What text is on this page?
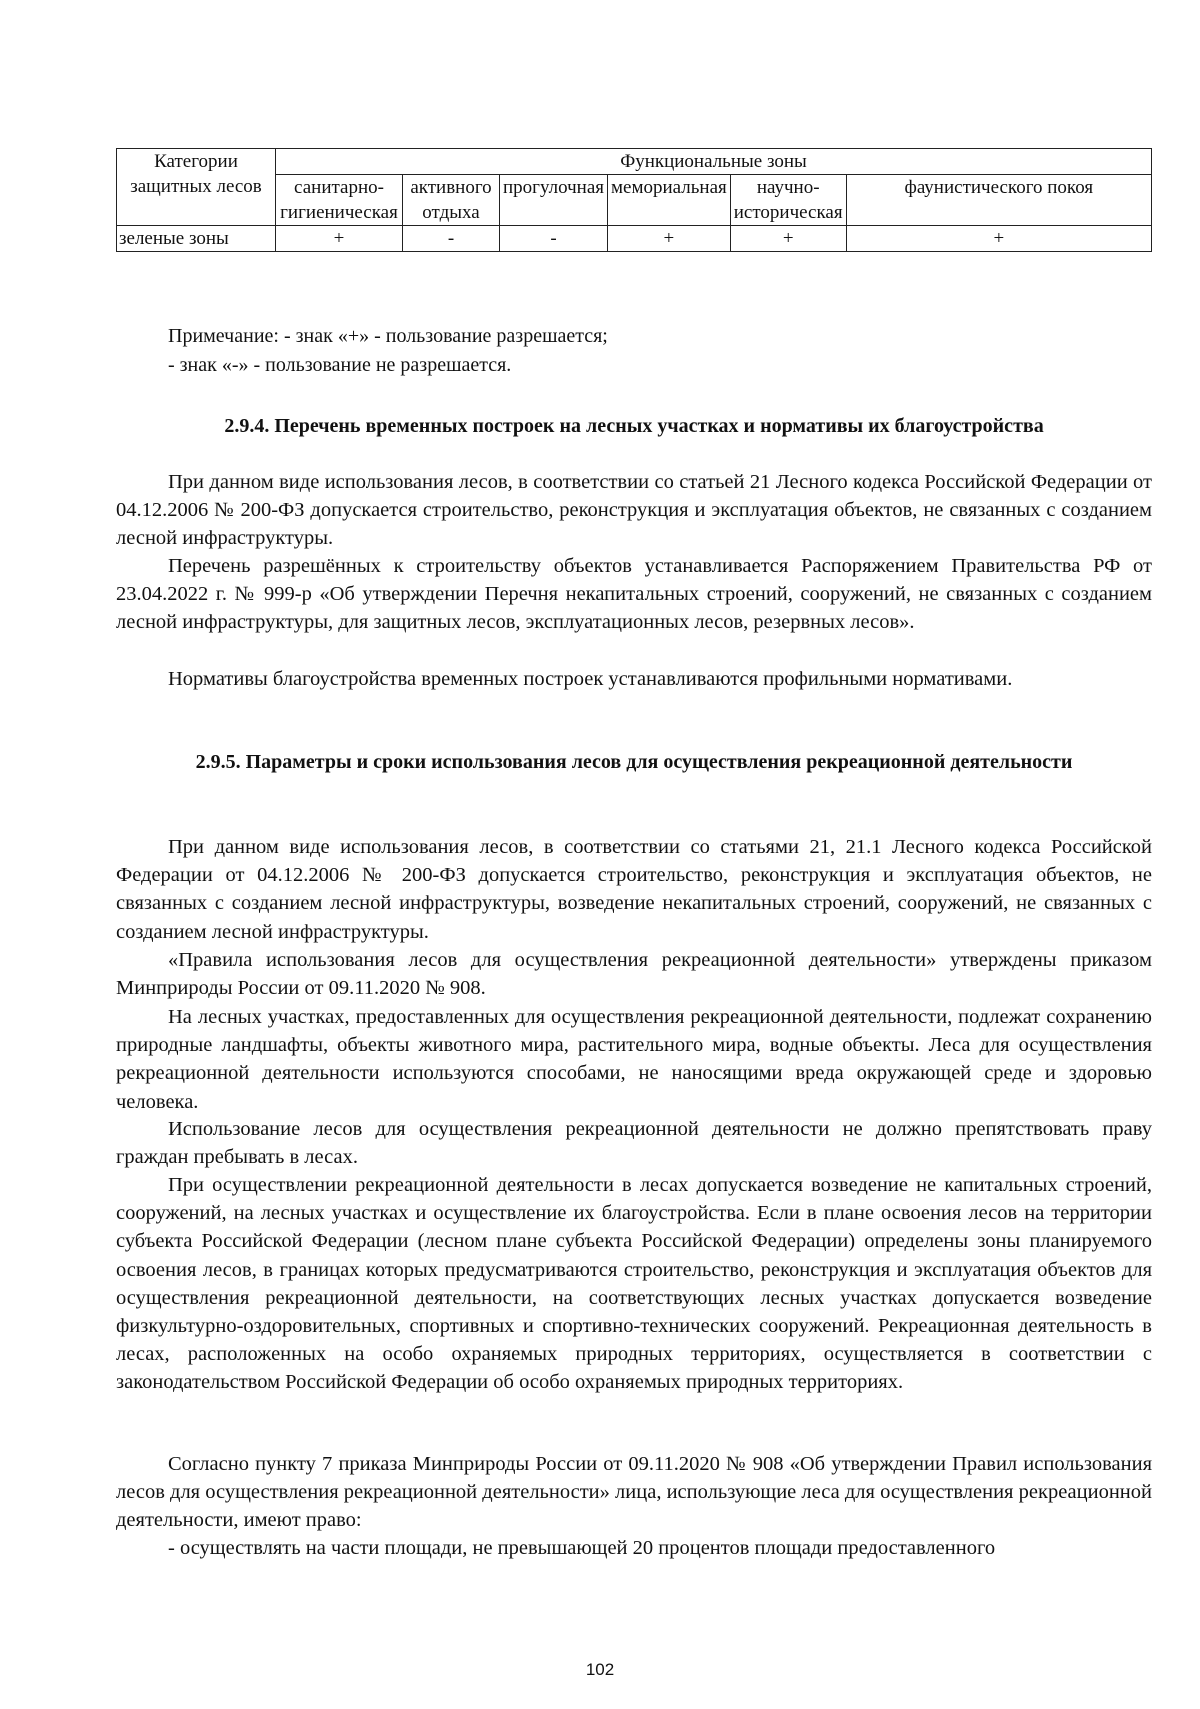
Категории защитных лесов	Функциональные зоны					
	санитарно-гигиеническая	активного отдыха	прогулочная	мемориальная	научно-историческая	фаунистического покоя
зеленые зоны	+	-	-	+	+	+
Примечание: - знак «+» - пользование разрешается;
- знак «-» - пользование не разрешается.
2.9.4. Перечень временных построек на лесных участках и нормативы их благоустройства

При данном виде использования лесов, в соответствии со статьей 21 Лесного кодекса Российской Федерации от 04.12.2006 № 200-ФЗ допускается строительство, реконструкция и эксплуатация объектов, не связанных с созданием лесной инфраструктуры.

Перечень разрешённых к строительству объектов устанавливается Распоряжением Правительства РФ от 23.04.2022 г. № 999-р «Об утверждении Перечня некапитальных строений, сооружений, не связанных с созданием лесной инфраструктуры, для защитных лесов, эксплуатационных лесов, резервных лесов».

Нормативы благоустройства временных построек устанавливаются профильными нормативами.

2.9.5. Параметры и сроки использования лесов для осуществления рекреационной деятельности

При данном виде использования лесов, в соответствии со статьями 21, 21.1 Лесного кодекса Российской Федерации от 04.12.2006 № 200-ФЗ допускается строительство, реконструкция и эксплуатация объектов, не связанных с созданием лесной инфраструктуры, возведение некапитальных строений, сооружений, не связанных с созданием лесной инфраструктуры.

«Правила использования лесов для осуществления рекреационной деятельности» утверждены приказом Минприроды России от 09.11.2020 № 908.

На лесных участках, предоставленных для осуществления рекреационной деятельности, подлежат сохранению природные ландшафты, объекты животного мира, растительного мира, водные объекты. Леса для осуществления рекреационной деятельности используются способами, не наносящими вреда окружающей среде и здоровью человека.

Использование лесов для осуществления рекреационной деятельности не должно препятствовать праву граждан пребывать в лесах.

При осуществлении рекреационной деятельности в лесах допускается возведение не капитальных строений, сооружений, на лесных участках и осуществление их благоустройства. Если в плане освоения лесов на территории субъекта Российской Федерации (лесном плане субъекта Российской Федерации) определены зоны планируемого освоения лесов, в границах которых предусматриваются строительство, реконструкция и эксплуатация объектов для осуществления рекреационной деятельности, на соответствующих лесных участках допускается возведение физкультурно-оздоровительных, спортивных и спортивно-технических сооружений. Рекреационная деятельность в лесах, расположенных на особо охраняемых природных территориях, осуществляется в соответствии с законодательством Российской Федерации об особо охраняемых природных территориях.

Согласно пункту 7 приказа Минприроды России от 09.11.2020 № 908 «Об утверждении Правил использования лесов для осуществления рекреационной деятельности» лица, использующие леса для осуществления рекреационной деятельности, имеют право:

- осуществлять на части площади, не превышающей 20 процентов площади предоставленного

102
